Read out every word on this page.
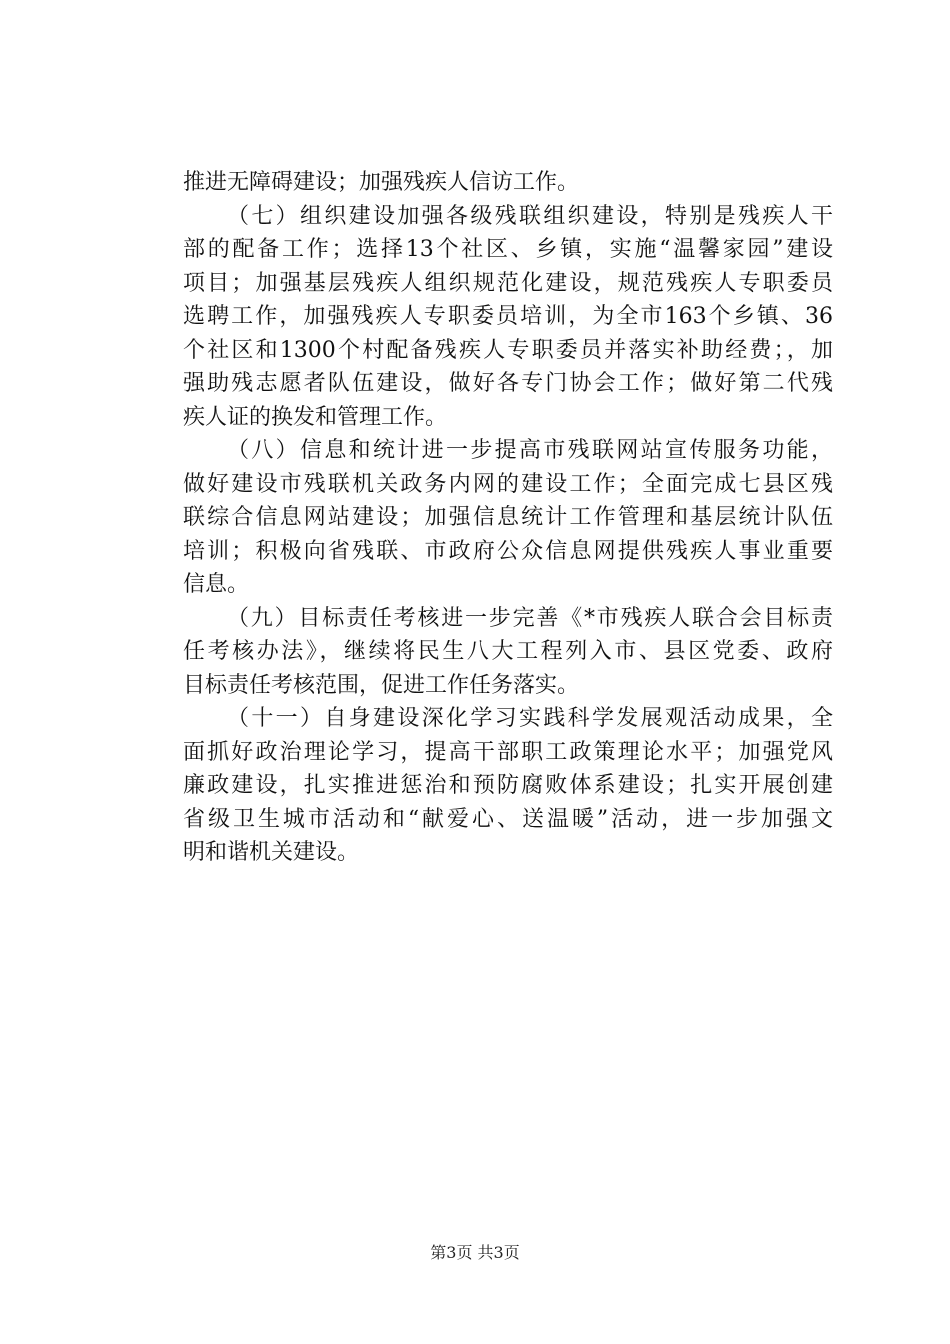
推进无障碍建设；加强残疾人信访工作。
（七）组织建设加强各级残联组织建设，特别是残疾人干
部的配备工作；选择13个社区、乡镇，实施“温馨家园”建设
项目；加强基层残疾人组织规范化建设，规范残疾人专职委员
选聘工作，加强残疾人专职委员培训，为全市163个乡镇、36
个社区和1300个村配备残疾人专职委员并落实补助经费；，加
强助残志愿者队伍建设，做好各专门协会工作；做好第二代残
疾人证的换发和管理工作。
（八）信息和统计进一步提高市残联网站宣传服务功能，
做好建设市残联机关政务内网的建设工作；全面完成七县区残
联综合信息网站建设；加强信息统计工作管理和基层统计队伍
培训；积极向省残联、市政府公众信息网提供残疾人事业重要
信息。
（九）目标责任考核进一步完善《*市残疾人联合会目标责
任考核办法》，继续将民生八大工程列入市、县区党委、政府
目标责任考核范围，促进工作任务落实。
（十一）自身建设深化学习实践科学发展观活动成果，全
面抓好政治理论学习，提高干部职工政策理论水平；加强党风
廉政建设，扎实推进惩治和预防腐败体系建设；扎实开展创建
省级卫生城市活动和“献爱心、送温暖”活动，进一步加强文
明和谐机关建设。
第3页 共3页
